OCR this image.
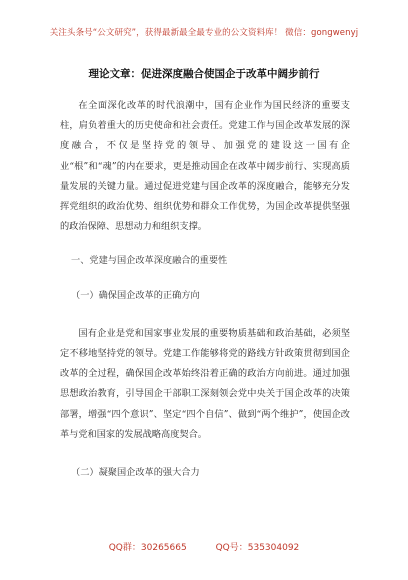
关注头条号“公文研究”，获得最新最全最专业的公文资料库！ 微信：gongwenyj
理论文章：促进深度融合使国企于改革中阔步前行

在全面深化改革的时代浪潮中，国有企业作为国民经济的重要支柱，肩负着重大的历史使命和社会责任。党建工作与国企改革发展的深度融合，不仅是坚持党的领导、加强党的建设这一国有企业“根”和“魂”的内在要求，更是推动国企在改革中阔步前行、实现高质量发展的关键力量。通过促进党建与国企改革的深度融合，能够充分发挥党组织的政治优势、组织优势和群众工作优势，为国企改革提供坚强的政治保障、思想动力和组织支撑。

一、党建与国企改革深度融合的重要性

（一）确保国企改革的正确方向

国有企业是党和国家事业发展的重要物质基础和政治基础，必须坚定不移地坚持党的领导。党建工作能够将党的路线方针政策贯彻到国企改革的全过程，确保国企改革始终沿着正确的政治方向前进。通过加强思想政治教育，引导国企干部职工深刻领会党中央关于国企改革的决策部署，增强“四个意识”、坚定“四个自信”、做到“两个维护”，使国企改革与党和国家的发展战略高度契合。

（二）凝聚国企改革的强大合力

QQ群：30265665	QQ号：535304092
